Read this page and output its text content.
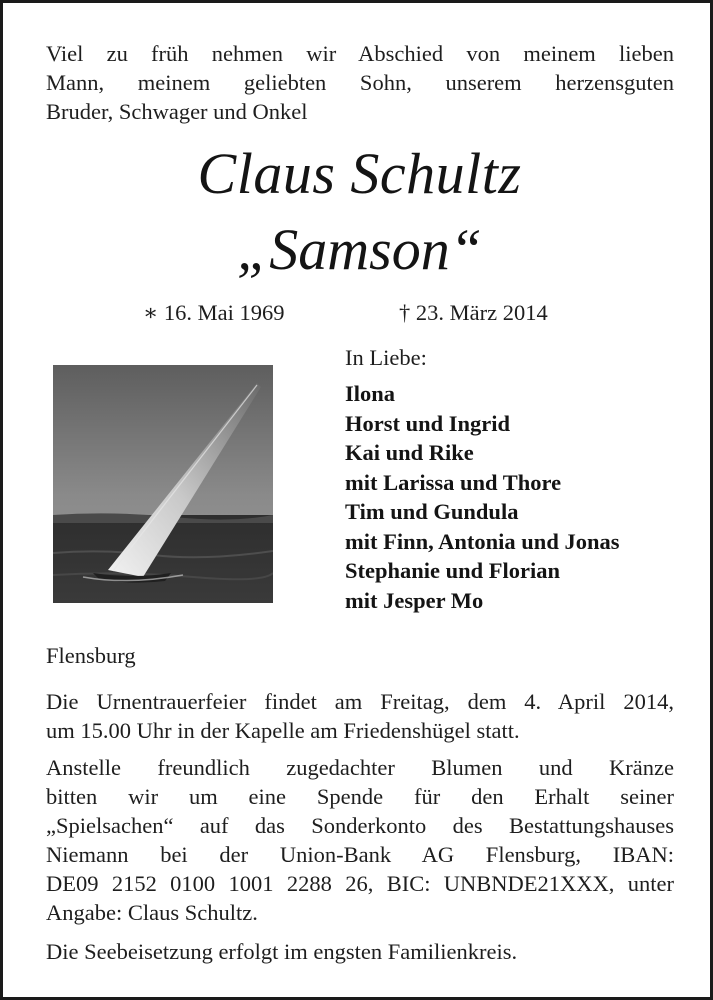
Viel zu früh nehmen wir Abschied von meinem lieben
Mann, meinem geliebten Sohn, unserem herzensguten
Bruder, Schwager und Onkel
Claus Schultz
„Samson“
∗ 16. Mai 1969	† 23. März 2014
In Liebe:
Ilona
Horst und Ingrid
Kai und Rike
mit Larissa und Thore
Tim und Gundula
mit Finn, Antonia und Jonas
Stephanie und Florian
mit Jesper Mo
Flensburg
Die Urnentrauerfeier findet am Freitag, dem 4. April 2014,
um 15.00 Uhr in der Kapelle am Friedenshügel statt.
Anstelle freundlich zugedachter Blumen und Kränze
bitten wir um eine Spende für den Erhalt seiner
„Spielsachen“ auf das Sonderkonto des Bestattungshauses
Niemann bei der Union-Bank AG Flensburg, IBAN:
DE09 2152 0100 1001 2288 26, BIC: UNBNDE21XXX, unter
Angabe: Claus Schultz.
Die Seebeisetzung erfolgt im engsten Familienkreis.
